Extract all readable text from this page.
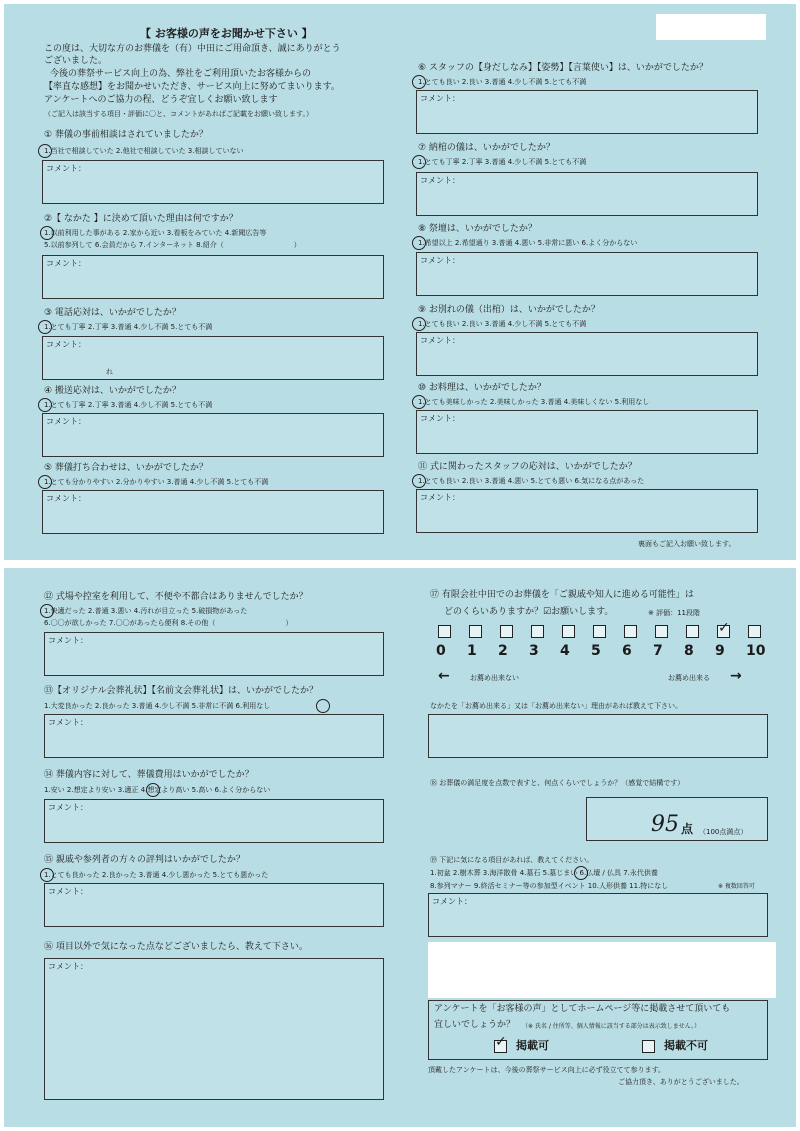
【 お客様の声をお聞かせ下さい 】
この度は、大切な方のお葬儀を（有）中田にご用命頂き、誠にありがとう
ございました。
今後の葬祭サービス向上の為、弊社をご利用頂いたお客様からの
【率直な感想】をお聞かせいただき、サービス向上に努めてまいります。
アンケートへのご協力の程、どうぞ宜しくお願い致します
（ご記入は該当する項目・評価に〇と、コメントがあればご記載をお願い致します。）
① 葬儀の事前相談はされていましたか？
1.当社で相談していた 2.他社で相談していた 3.相談していない
コメント：
②【 なかた 】に決めて頂いた理由は何ですか？
1.以前利用した事がある 2.家から近い 3.看板をみていた 4.新聞広告等
5.以前参列して 6.会員だから 7.インターネット 8.紹介（　　　　　　　　　　）
コメント：
③ 電話応対は、いかがでしたか？
1.とても丁寧 2.丁寧 3.普通 4.少し不満 5.とても不満
コメント：
れ
④ 搬送応対は、いかがでしたか？
1.とても丁寧 2.丁寧 3.普通 4.少し不満 5.とても不満
コメント：
⑤ 葬儀打ち合わせは、いかがでしたか？
1.とても分かりやすい 2.分かりやすい 3.普通 4.少し不満 5.とても不満
コメント：
⑥ スタッフの【身だしなみ】【姿勢】【言葉使い】は、いかがでしたか？
1.とても良い 2.良い 3.普通 4.少し不満 5.とても不満
コメント：
⑦ 納棺の儀は、いかがでしたか？
1.とても丁寧 2.丁寧 3.普通 4.少し不満 5.とても不満
コメント：
⑧ 祭壇は、いかがでしたか？
1.希望以上 2.希望通り 3.普通 4.悪い 5.非常に悪い 6.よく分からない
コメント：
⑨ お別れの儀（出棺）は、いかがでしたか？
1.とても良い 2.良い 3.普通 4.少し不満 5.とても不満
コメント：
⑩ お料理は、いかがでしたか？
1.とても美味しかった 2.美味しかった 3.普通 4.美味しくない 5.利用なし
コメント：
⑪ 式に関わったスタッフの応対は、いかがでしたか？
1.とても良い 2.良い 3.普通 4.悪い 5.とても悪い 6.気になる点があった
コメント：
裏面もご記入お願い致します。
⑫ 式場や控室を利用して、不便や不都合はありませんでしたか？
1.快適だった 2.普通 3.悪い 4.汚れが目立った 5.破損物があった
6.〇〇が欲しかった 7.〇〇があったら便利 8.その他（　　　　　　　　　　）
コメント：
⑬【オリジナル会葬礼状】【名前文会葬礼状】は、いかがでしたか？
1.大変良かった 2.良かった 3.普通 4.少し不満 5.非常に不満 6.利用なし
コメント：
⑭ 葬儀内容に対して、葬儀費用はいかがでしたか？
1.安い 2.想定より安い 3.適正 4.想定より高い 5.高い 6.よく分からない
コメント：
⑮ 親戚や参列者の方々の評判はいかがでしたか？
1.とても良かった 2.良かった 3.普通 4.少し悪かった 5.とても悪かった
コメント：
⑯ 項目以外で気になった点などございましたら、教えて下さい。
コメント：
⑰ 有限会社中田でのお葬儀を「ご親戚や知人に進める可能性」は
どのくらいありますか？☑お願いします。	※ 評価：11段階
0 1 2 3 4 5 6 7 8
✓
9 10
←	お薦め出来ない	お薦め出来る →
なかたを「お薦め出来る」又は「お薦め出来ない」理由があれば教えて下さい。
⑱ お葬儀の満足度を点数で表すと、何点くらいでしょうか？（感覚で結構です）
95 点 （100点満点）
⑲ 下記に気になる項目があれば、教えてください。
1.初盆 2.樹木葬 3.海洋散骨 4.墓石 5.墓じまい 6.仏壇 / 仏具 7.永代供養
8.参列マナー 9.終活セミナー等の参加型イベント 10.人形供養 11.特になし	※ 複数回答可
コメント：
アンケートを「お客様の声」としてホームページ等に掲載させて頂いても
宜しいでしょうか？ （※ 氏名 / 住所等、個人情報に該当する部分は表示致しません。）
✓ 掲載可	掲載不可
頂戴したアンケートは、今後の葬祭サービス向上に必ず役立てて参ります。
ご協力頂き、ありがとうございました。
